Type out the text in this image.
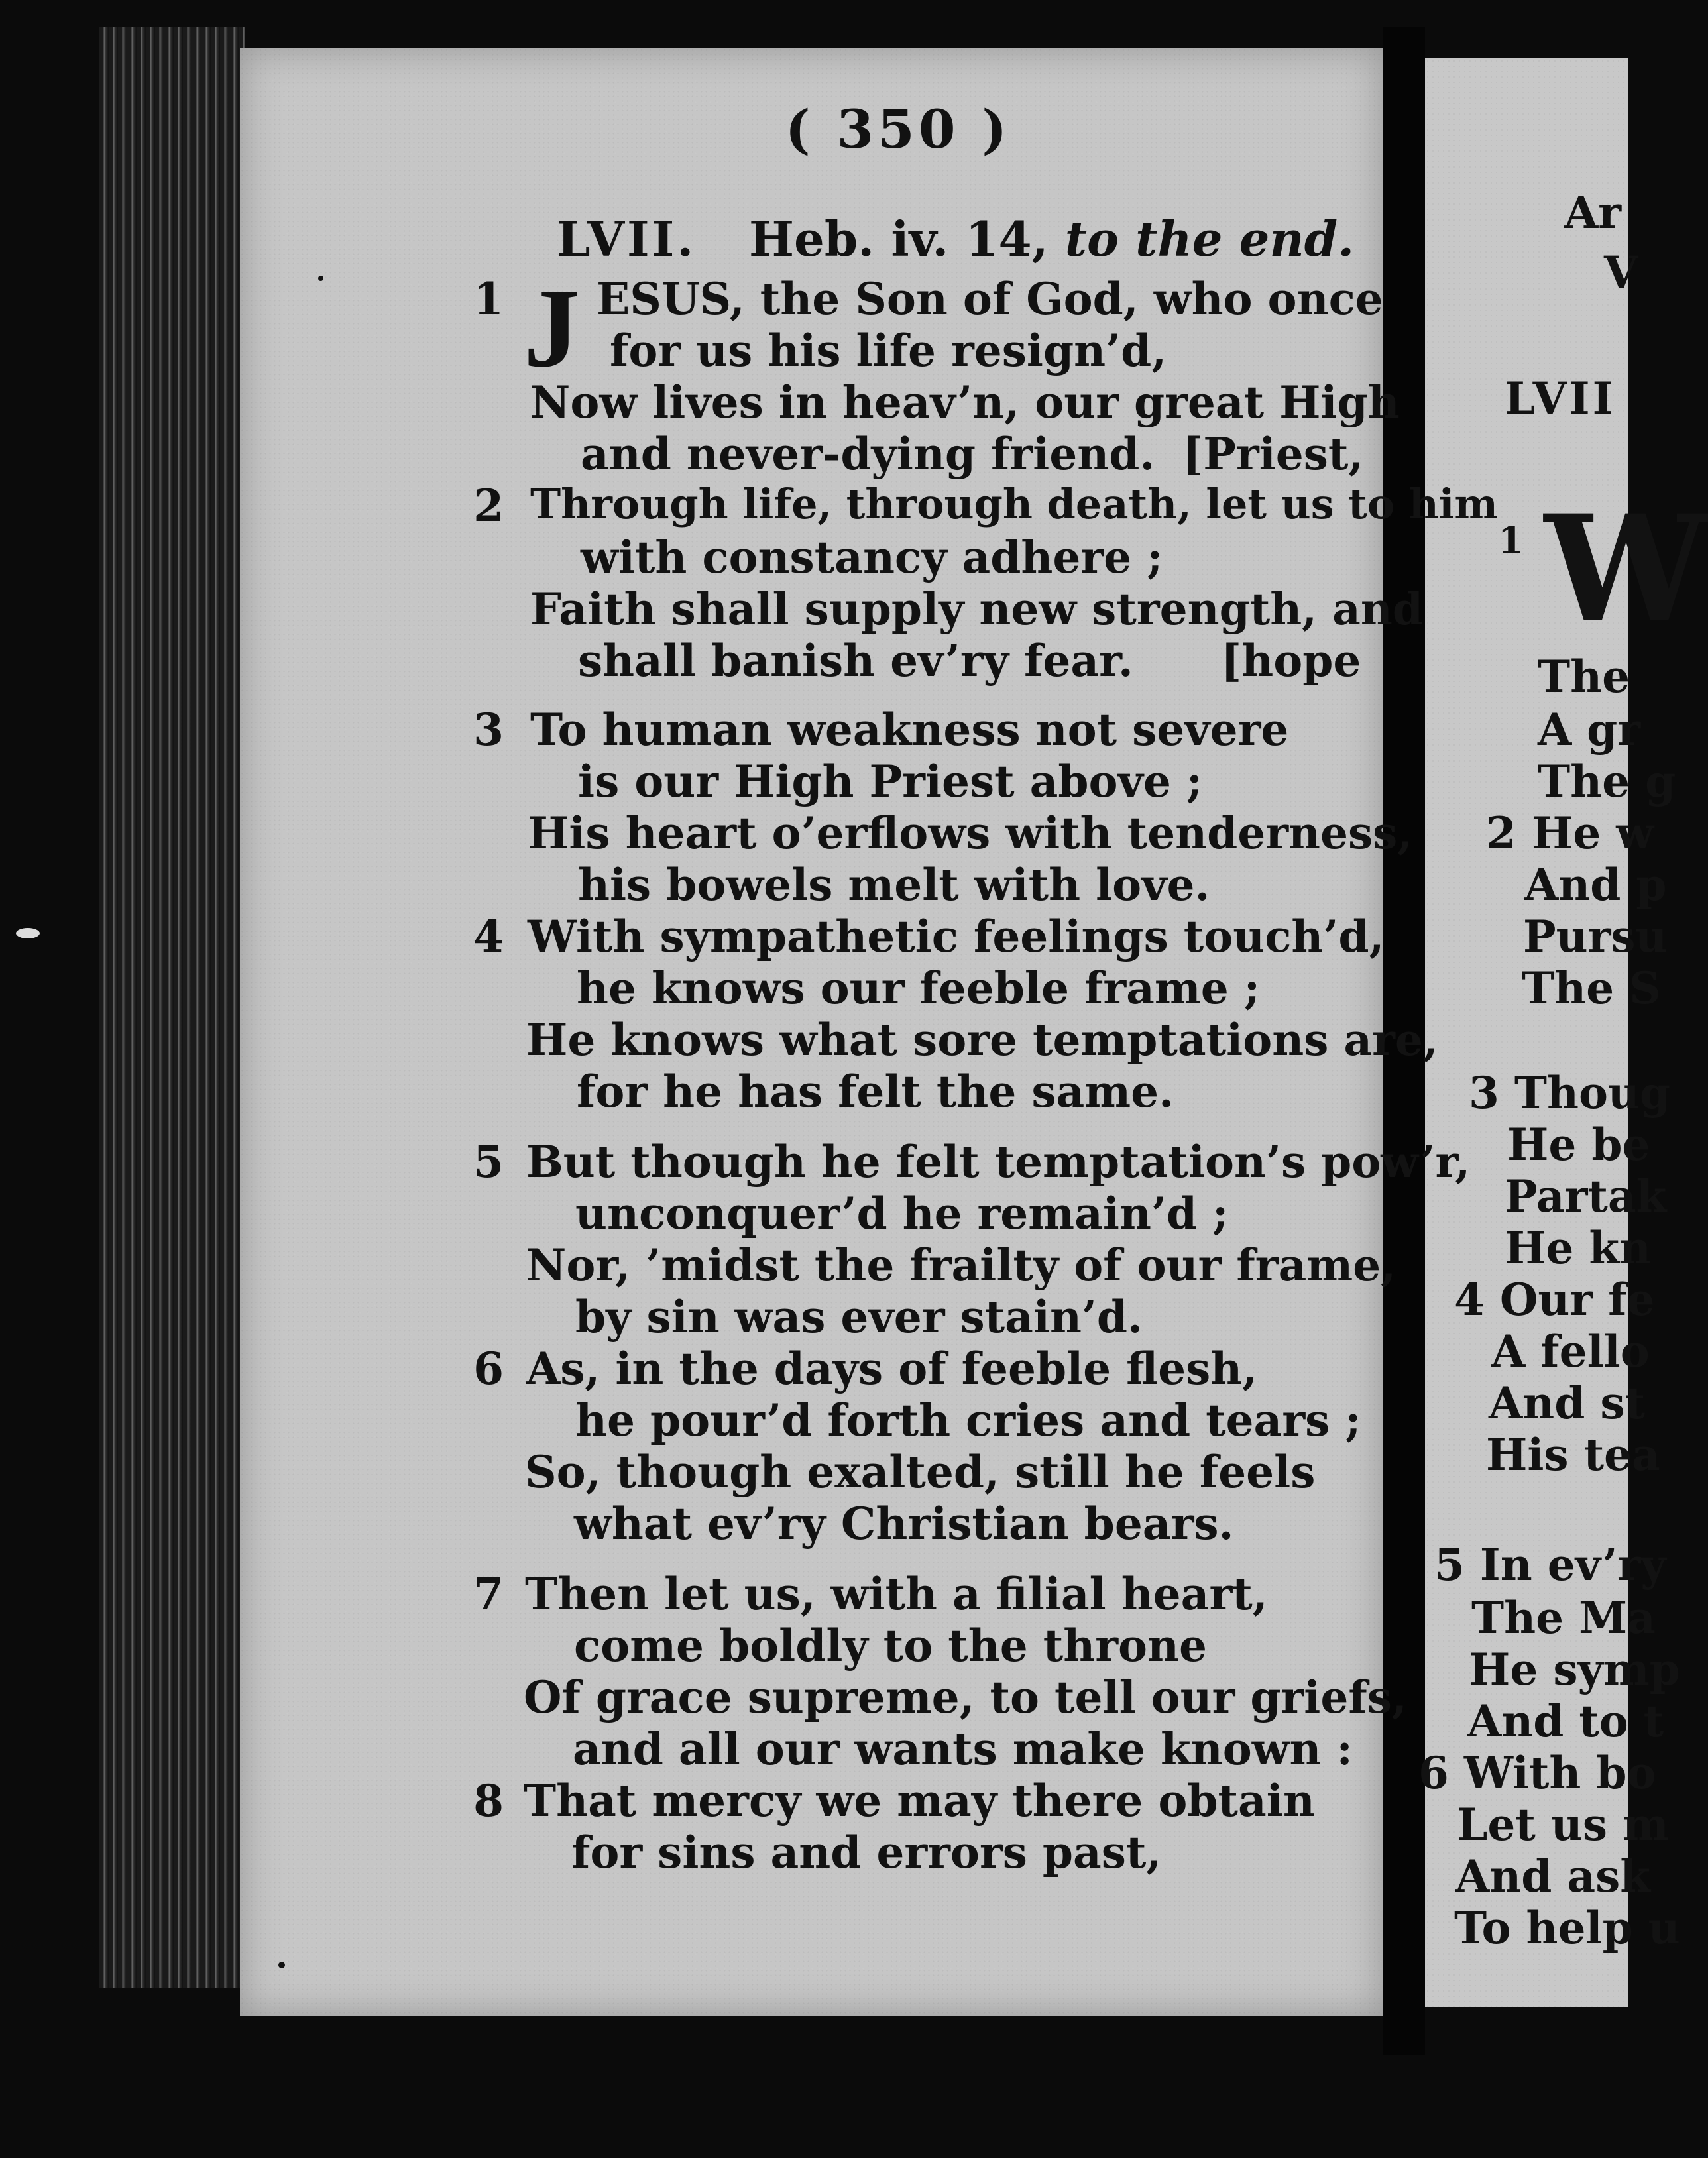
Ar
V
LVII
1 W
The
A gr
The g
2 He w
And p
Pursu
The S
3 Thoug
He be
Partak
He kn
4 Our fe
A fello
And st
His tea
5 In ev’ry
The Ma
He symp
And to t
6 With bo
Let us m
And ask
To help u
( 350 )
LVII. Heb. iv. 14, to the end.
J
1 ESUS, the Son of God, who once
for us his life resign’d,
Now lives in heav’n, our great High
and never-dying friend. [Priest,
2 Through life, through death, let us to him
with constancy adhere ;
Faith shall supply new strength, and
shall banish ev’ry fear. [hope
3 To human weakness not severe
is our High Priest above ;
His heart o’erflows with tenderness,
his bowels melt with love.
4 With sympathetic feelings touch’d,
he knows our feeble frame ;
He knows what sore temptations are,
for he has felt the same.
5 But though he felt temptation’s pow’r,
unconquer’d he remain’d ;
Nor, ’midst the frailty of our frame,
by sin was ever stain’d.
6 As, in the days of feeble flesh,
he pour’d forth cries and tears ;
So, though exalted, still he feels
what ev’ry Christian bears.
7 Then let us, with a filial heart,
come boldly to the throne
Of grace supreme, to tell our griefs,
and all our wants make known :
8 That mercy we may there obtain
for sins and errors past,
